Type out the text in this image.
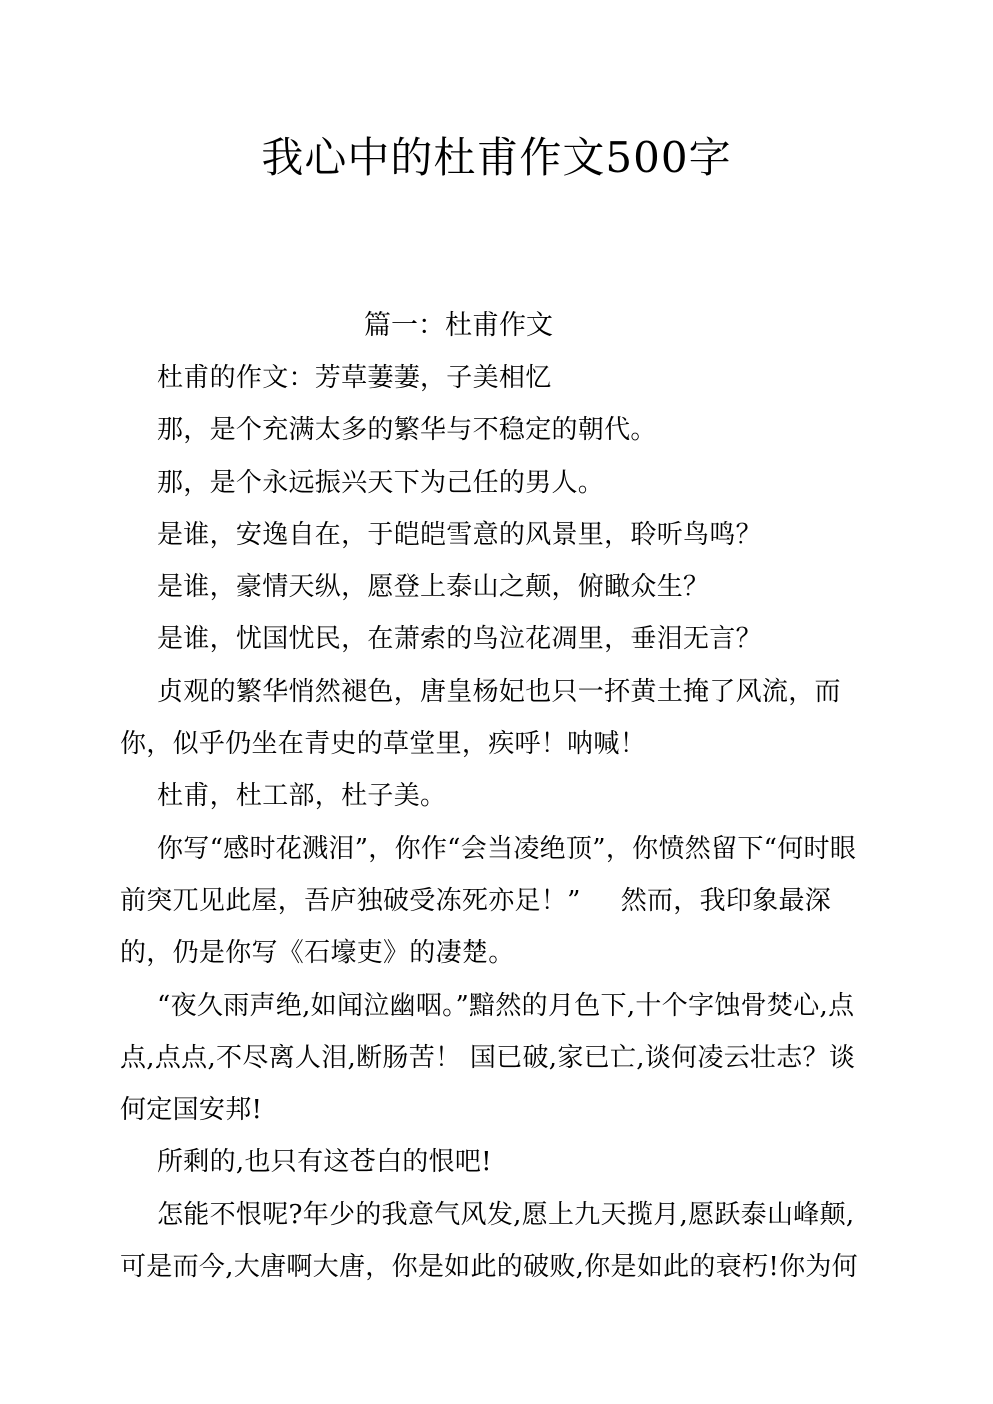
我心中的杜甫作文500字
篇一：杜甫作文

杜甫的作文：芳草萋萋，子美相忆

那，是个充满太多的繁华与不稳定的朝代。

那，是个永远振兴天下为己任的男人。

是谁，安逸自在，于皑皑雪意的风景里，聆听鸟鸣？

是谁，豪情天纵，愿登上泰山之颠，俯瞰众生？

是谁，忧国忧民，在萧索的鸟泣花凋里，垂泪无言？

贞观的繁华悄然褪色，唐皇杨妃也只一抔黄土掩了风流，而你，似乎仍坐在青史的草堂里，疾呼！呐喊！

杜甫，杜工部，杜子美。

你写“感时花溅泪”，你作“会当凌绝顶”，你愤然留下“何时眼前突兀见此屋，吾庐独破受冻死亦足！” 然而，我印象最深的，仍是你写《石壕吏》的凄楚。

“夜久雨声绝,如闻泣幽咽。”黯然的月色下,十个字蚀骨焚心,点点,点点,不尽离人泪,断肠苦！ 国已破,家已亡,谈何凌云壮志？谈何定国安邦!

所剩的,也只有这苍白的恨吧!

怎能不恨呢?年少的我意气风发,愿上九天揽月,愿跃泰山峰颠,可是而今,大唐啊大唐，你是如此的破败,你是如此的衰朽!你为何
